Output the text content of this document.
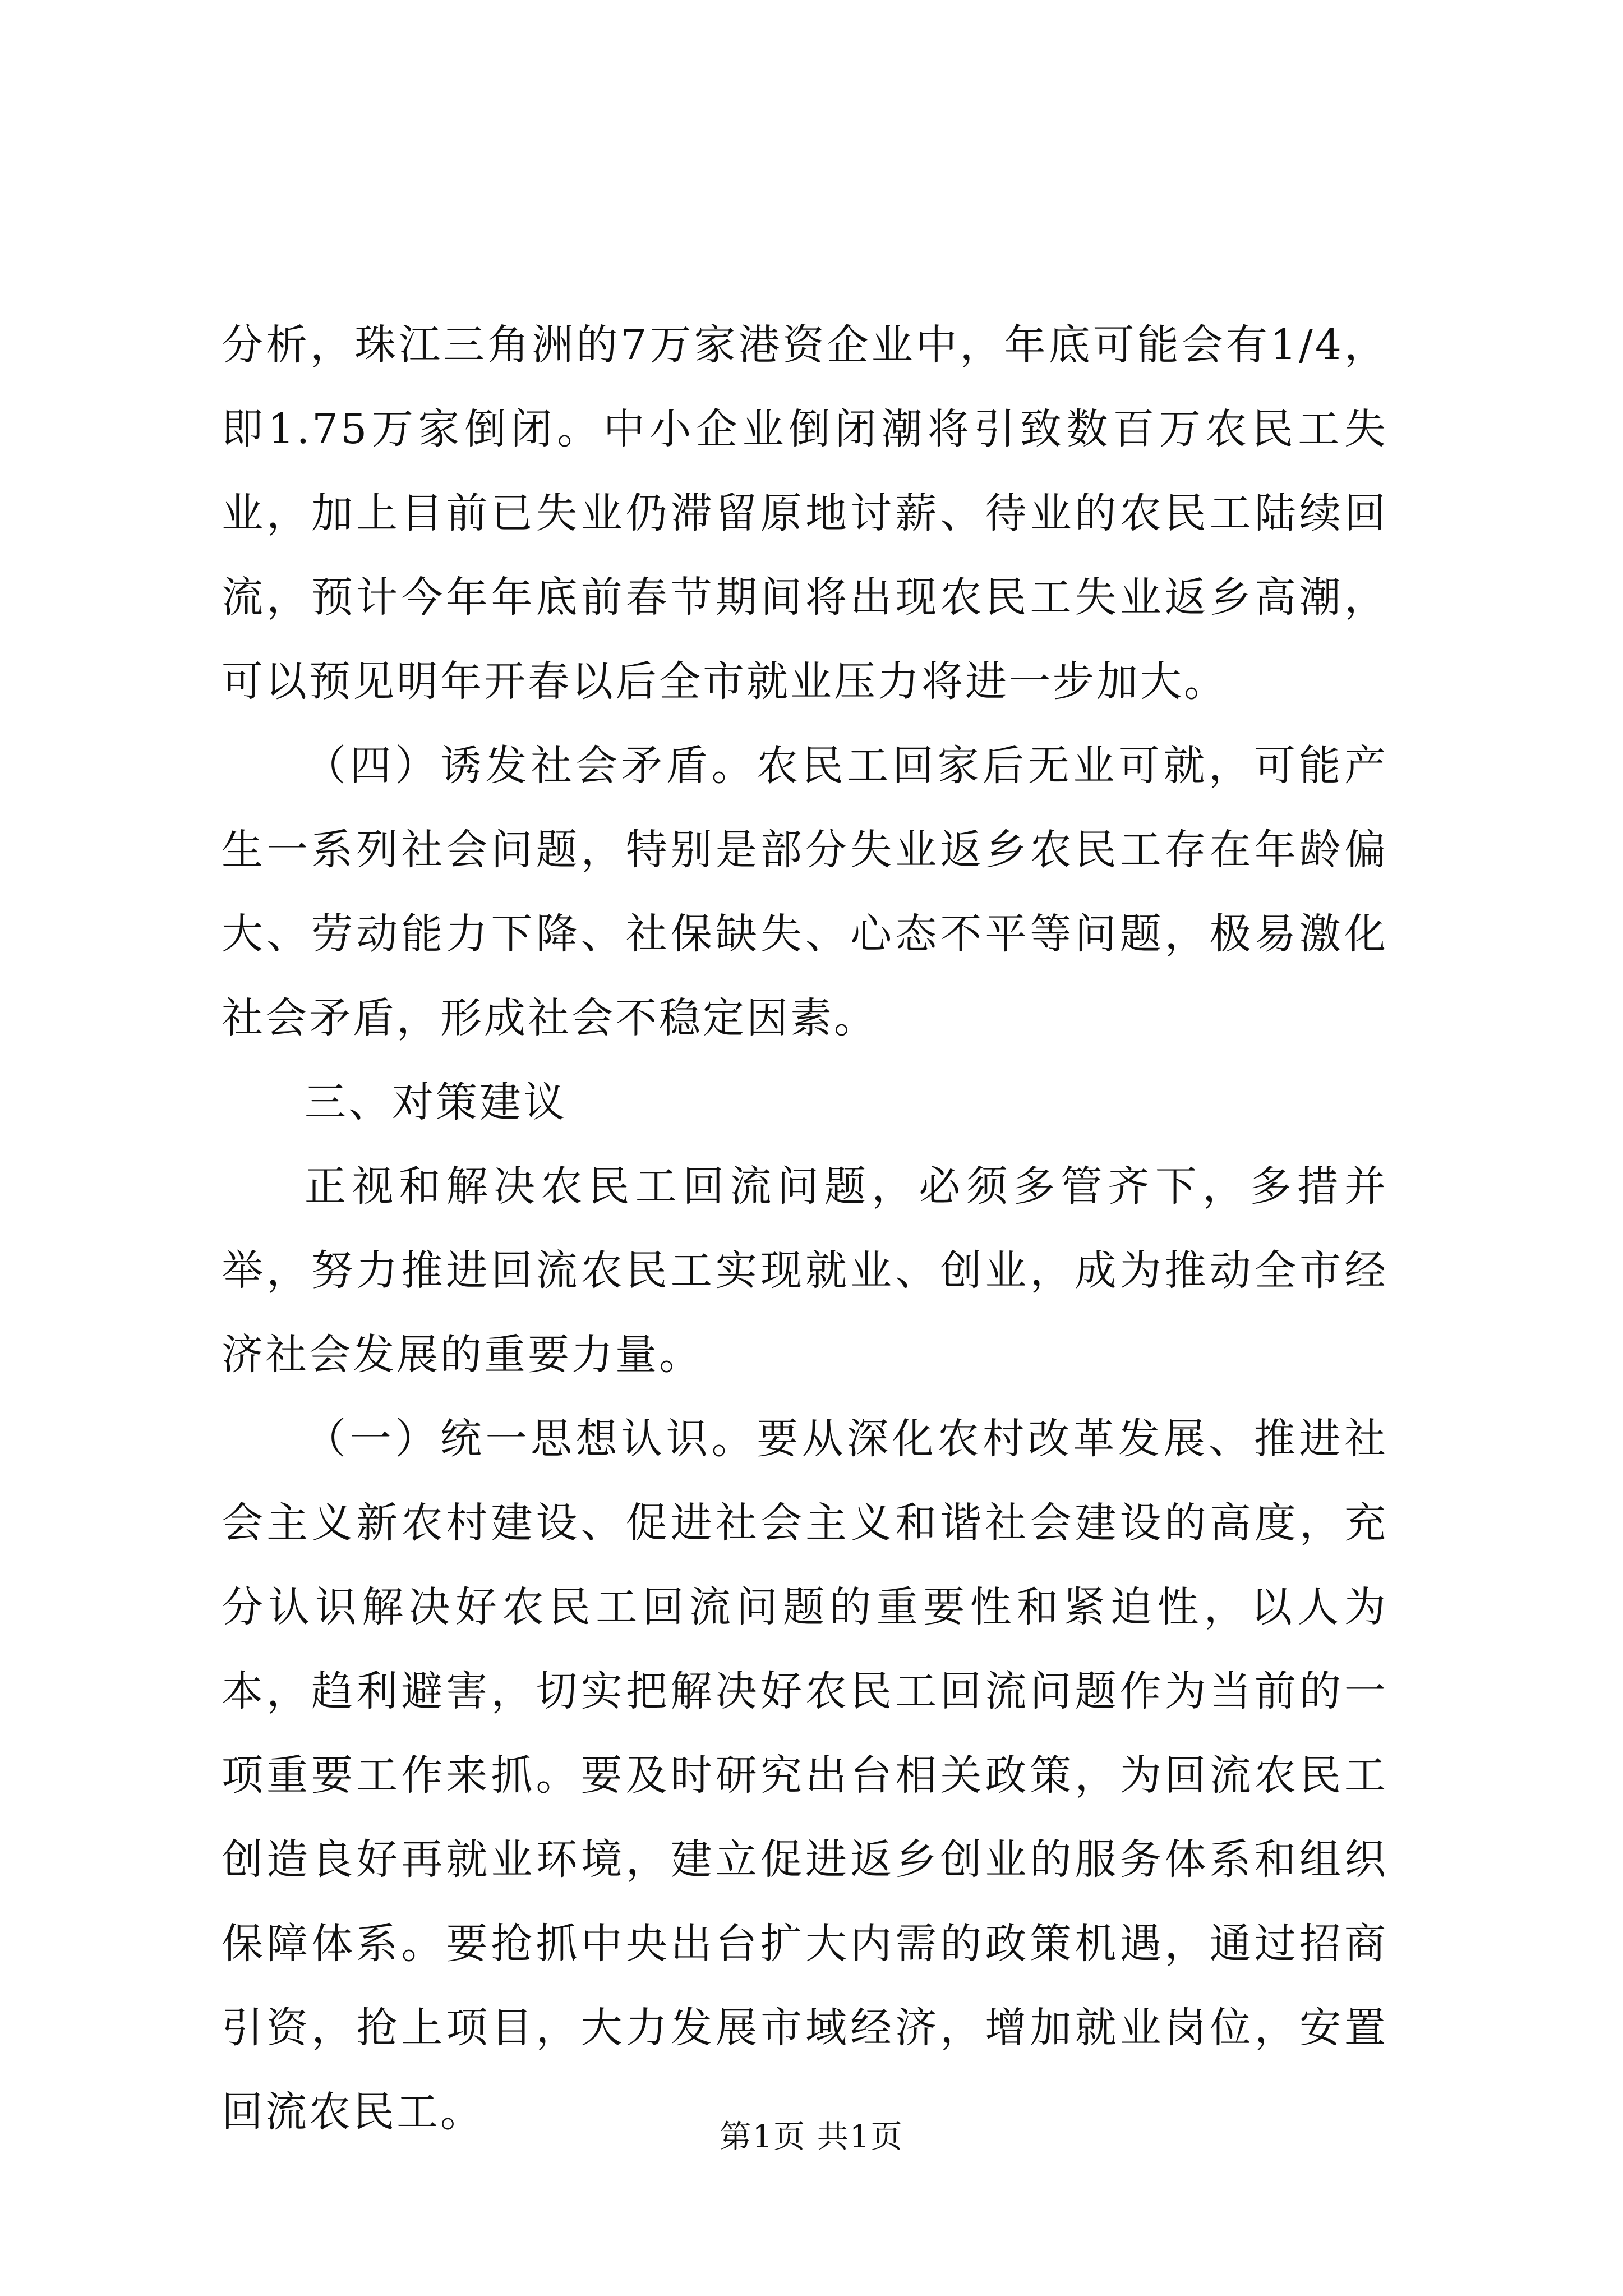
分析，珠江三角洲的7万家港资企业中，年底可能会有1/4，即1.75万家倒闭。中小企业倒闭潮将引致数百万农民工失业，加上目前已失业仍滞留原地讨薪、待业的农民工陆续回流，预计今年年底前春节期间将出现农民工失业返乡高潮，可以预见明年开春以后全市就业压力将进一步加大。

（四）诱发社会矛盾。农民工回家后无业可就，可能产生一系列社会问题，特别是部分失业返乡农民工存在年龄偏大、劳动能力下降、社保缺失、心态不平等问题，极易激化社会矛盾，形成社会不稳定因素。

三、对策建议

正视和解决农民工回流问题，必须多管齐下，多措并举，努力推进回流农民工实现就业、创业，成为推动全市经济社会发展的重要力量。

（一）统一思想认识。要从深化农村改革发展、推进社会主义新农村建设、促进社会主义和谐社会建设的高度，充分认识解决好农民工回流问题的重要性和紧迫性，以人为本，趋利避害，切实把解决好农民工回流问题作为当前的一项重要工作来抓。要及时研究出台相关政策，为回流农民工创造良好再就业环境，建立促进返乡创业的服务体系和组织保障体系。要抢抓中央出台扩大内需的政策机遇，通过招商引资，抢上项目，大力发展市域经济，增加就业岗位，安置回流农民工。

第1页 共1页
